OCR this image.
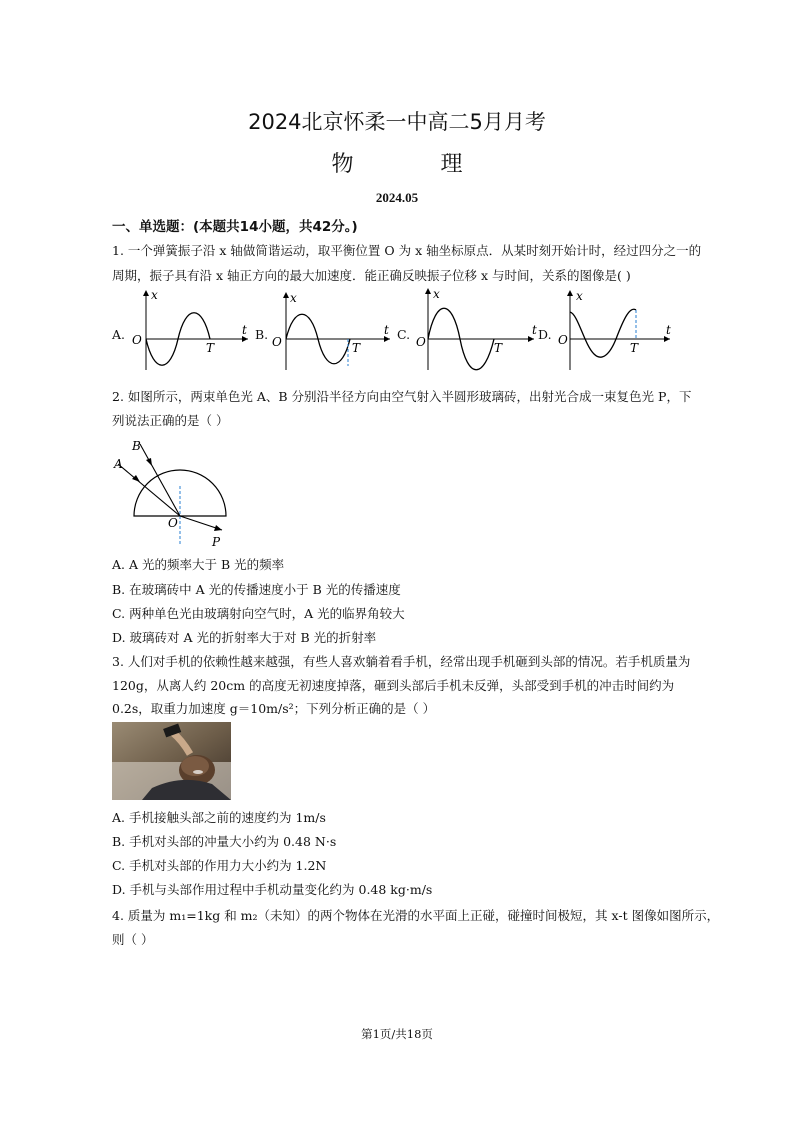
2024北京怀柔一中高二5月月考
物 理
2024.05
一、单选题：(本题共14小题，共42分。)
1. 一个弹簧振子沿 x 轴做简谐运动，取平衡位置 O 为 x 轴坐标原点．从某时刻开始计时，经过四分之一的
周期，振子具有沿 x 轴正方向的最大加速度．能正确反映振子位移 x 与时间，关系的图像是( )
A.
x
t
O
T
B.
x
t
O	T
C.
x
t
O	T
D.
x
t
O
T
2. 如图所示，两束单色光 A、B 分别沿半径方向由空气射入半圆形玻璃砖，出射光合成一束复色光 P，下
列说法正确的是（ ）
A
B
O
P
A. A 光的频率大于 B 光的频率
B. 在玻璃砖中 A 光的传播速度小于 B 光的传播速度
C. 两种单色光由玻璃射向空气时，A 光的临界角较大
D. 玻璃砖对 A 光的折射率大于对 B 光的折射率
3. 人们对手机的依赖性越来越强，有些人喜欢躺着看手机，经常出现手机砸到头部的情况。若手机质量为
120g，从离人约 20cm 的高度无初速度掉落，砸到头部后手机未反弹，头部受到手机的冲击时间约为
0.2s，取重力加速度 g＝10m/s²；下列分析正确的是（ ）
A. 手机接触头部之前的速度约为 1m/s
B. 手机对头部的冲量大小约为 0.48 N·s
C. 手机对头部的作用力大小约为 1.2N
D. 手机与头部作用过程中手机动量变化约为 0.48 kg·m/s
4. 质量为 m₁=1kg 和 m₂（未知）的两个物体在光滑的水平面上正碰，碰撞时间极短，其 x-t 图像如图所示，
则（ ）
第1页/共18页
